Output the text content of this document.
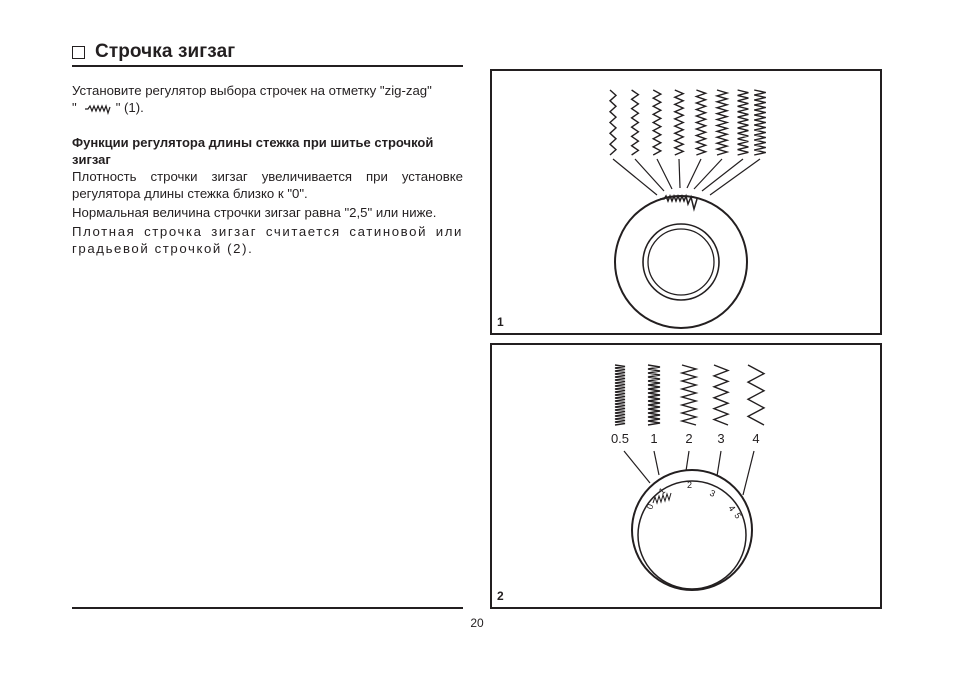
Строчка зигзаг

Установите регулятор выбора строчек на отметку "zig-zag"

"	" (1).

Функции регулятора длины стежка при шитье строчкой зигзаг

Плотность строчки зигзаг увеличивается при установке регулятора длины стежка близко к "0".

Нормальная величина строчки зигзаг равна "2,5" или ниже.

Плотная строчка зигзаг считается сатиновой или градьевой строчкой (2).

20
1
0.5 1 2 3 4
0
1
2
3
4
5
2
